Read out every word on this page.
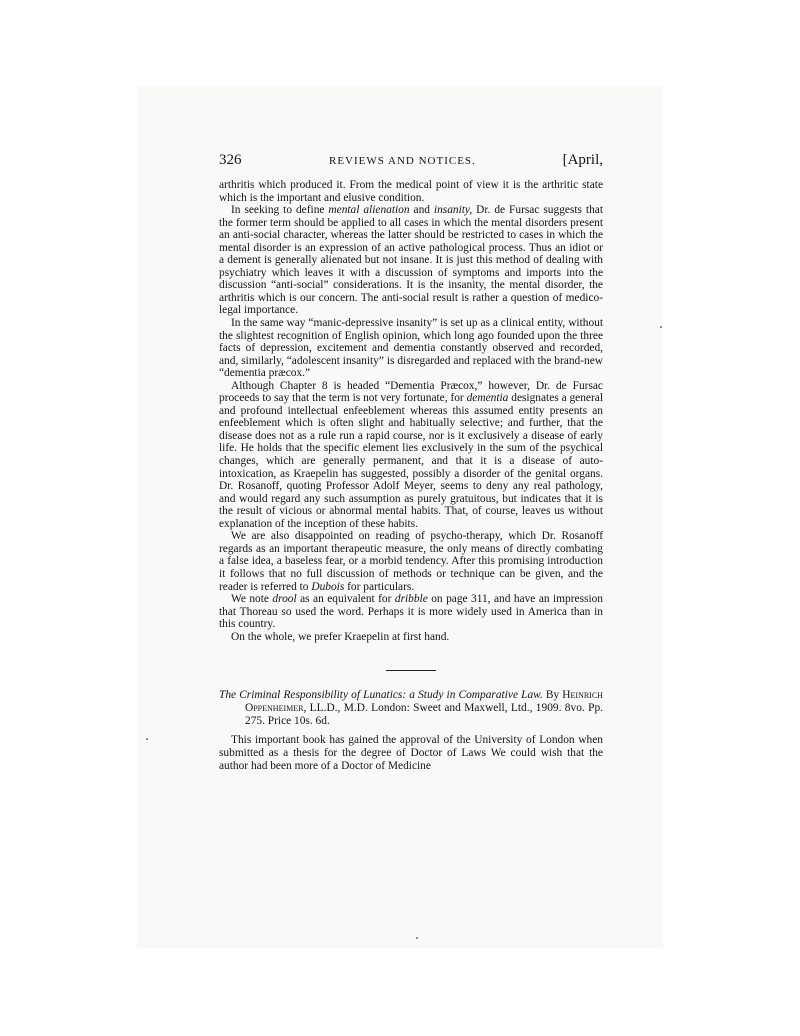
326	REVIEWS AND NOTICES.	[April,

arthritis which produced it. From the medical point of view it is the arthritic state which is the important and elusive condition.

In seeking to define mental alienation and insanity, Dr. de Fursac suggests that the former term should be applied to all cases in which the mental disorders present an anti-social character, whereas the latter should be restricted to cases in which the mental disorder is an expression of an active pathological process. Thus an idiot or a dement is generally alienated but not insane. It is just this method of dealing with psychiatry which leaves it with a discussion of symptoms and imports into the discussion “anti-social” considerations. It is the insanity, the mental disorder, the arthritis which is our concern. The anti-social result is rather a question of medico-legal importance.

In the same way “manic-depressive insanity” is set up as a clinical entity, without the slightest recognition of English opinion, which long ago founded upon the three facts of depression, excitement and dementia constantly observed and recorded, and, similarly, “adolescent insanity” is disregarded and replaced with the brand-new “dementia præcox.”

Although Chapter 8 is headed “Dementia Præcox,” however, Dr. de Fursac proceeds to say that the term is not very fortunate, for dementia designates a general and profound intellectual enfeeblement whereas this assumed entity presents an enfeeblement which is often slight and habitually selective; and further, that the disease does not as a rule run a rapid course, nor is it exclusively a disease of early life. He holds that the specific element lies exclusively in the sum of the psychical changes, which are generally permanent, and that it is a disease of auto-intoxication, as Kraepelin has suggested, possibly a disorder of the genital organs. Dr. Rosanoff, quoting Professor Adolf Meyer, seems to deny any real pathology, and would regard any such assumption as purely gratuitous, but indicates that it is the result of vicious or abnormal mental habits. That, of course, leaves us without explanation of the inception of these habits.

We are also disappointed on reading of psycho-therapy, which Dr. Rosanoff regards as an important therapeutic measure, the only means of directly combating a false idea, a baseless fear, or a morbid tendency. After this promising introduction it follows that no full discussion of methods or technique can be given, and the reader is referred to Dubois for particulars.

We note drool as an equivalent for dribble on page 311, and have an impression that Thoreau so used the word. Perhaps it is more widely used in America than in this country.

On the whole, we prefer Kraepelin at first hand.

The Criminal Responsibility of Lunatics: a Study in Comparative Law. By Heinrich Oppenheimer, LL.D., M.D. London: Sweet and Maxwell, Ltd., 1909. 8vo. Pp. 275. Price 10s. 6d.

This important book has gained the approval of the University of London when submitted as a thesis for the degree of Doctor of Laws We could wish that the author had been more of a Doctor of Medicine
